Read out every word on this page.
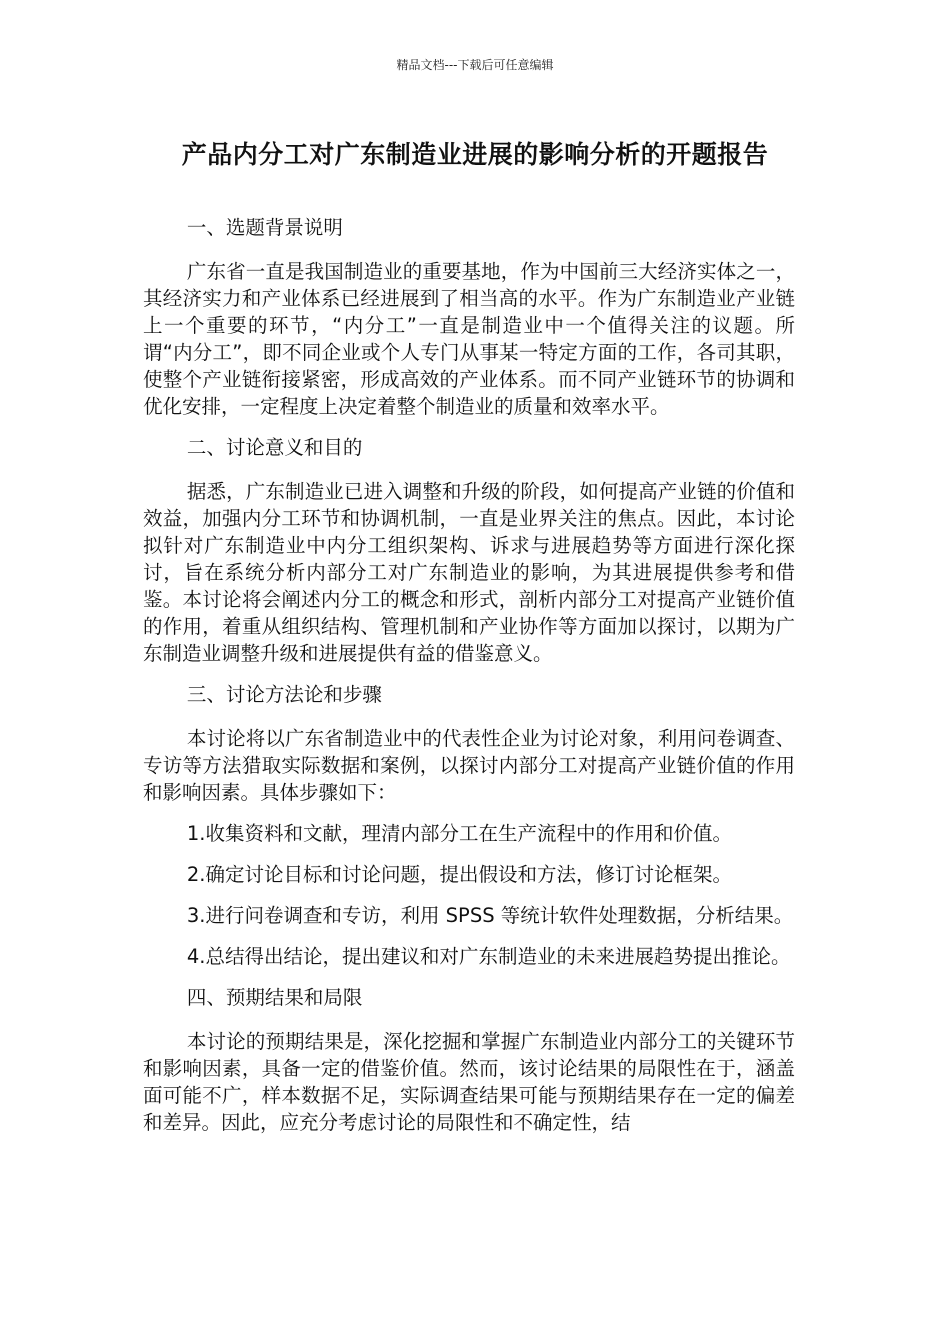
精品文档---下载后可任意编辑
产品内分工对广东制造业进展的影响分析的开题报告

一、选题背景说明

广东省一直是我国制造业的重要基地，作为中国前三大经济实体之一，其经济实力和产业体系已经进展到了相当高的水平。作为广东制造业产业链上一个重要的环节，“内分工”一直是制造业中一个值得关注的议题。所谓“内分工”，即不同企业或个人专门从事某一特定方面的工作，各司其职，使整个产业链衔接紧密，形成高效的产业体系。而不同产业链环节的协调和优化安排，一定程度上决定着整个制造业的质量和效率水平。

二、讨论意义和目的

据悉，广东制造业已进入调整和升级的阶段，如何提高产业链的价值和效益，加强内分工环节和协调机制，一直是业界关注的焦点。因此，本讨论拟针对广东制造业中内分工组织架构、诉求与进展趋势等方面进行深化探讨，旨在系统分析内部分工对广东制造业的影响，为其进展提供参考和借鉴。本讨论将会阐述内分工的概念和形式，剖析内部分工对提高产业链价值的作用，着重从组织结构、管理机制和产业协作等方面加以探讨，以期为广东制造业调整升级和进展提供有益的借鉴意义。

三、讨论方法论和步骤

本讨论将以广东省制造业中的代表性企业为讨论对象，利用问卷调查、专访等方法猎取实际数据和案例，以探讨内部分工对提高产业链价值的作用和影响因素。具体步骤如下：

1.收集资料和文献，理清内部分工在生产流程中的作用和价值。

2.确定讨论目标和讨论问题，提出假设和方法，修订讨论框架。

3.进行问卷调查和专访，利用 SPSS 等统计软件处理数据，分析结果。

4.总结得出结论，提出建议和对广东制造业的未来进展趋势提出推论。

四、预期结果和局限

本讨论的预期结果是，深化挖掘和掌握广东制造业内部分工的关键环节和影响因素，具备一定的借鉴价值。然而，该讨论结果的局限性在于，涵盖面可能不广，样本数据不足，实际调查结果可能与预期结果存在一定的偏差和差异。因此，应充分考虑讨论的局限性和不确定性，结
